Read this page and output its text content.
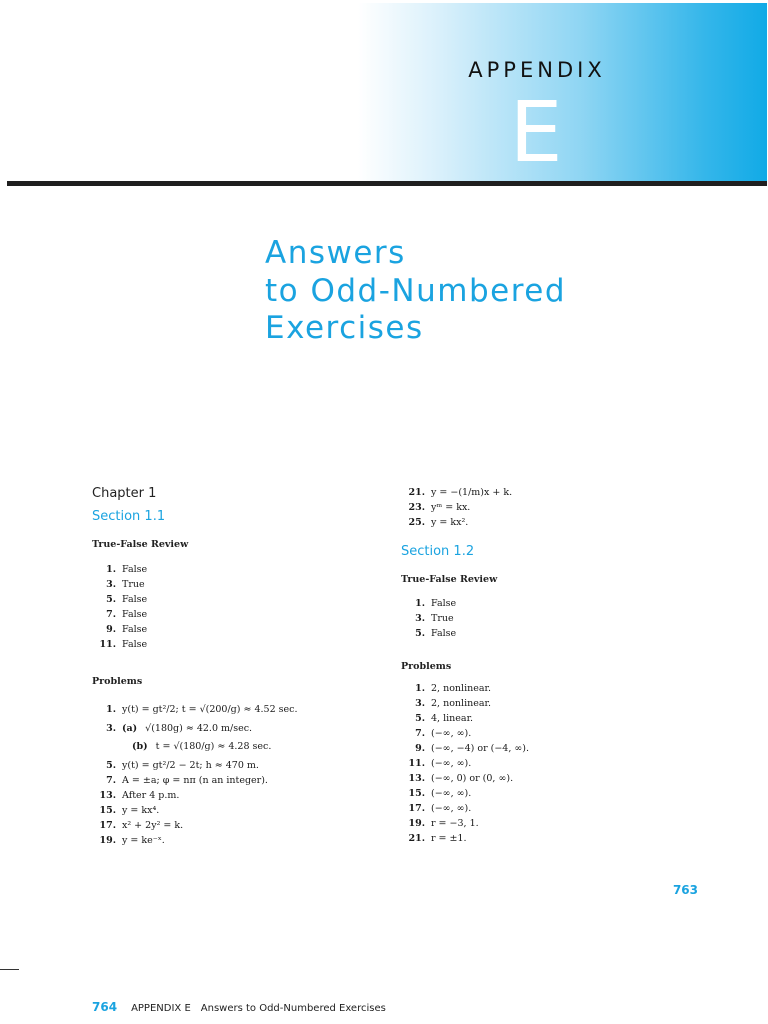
APPENDIX
E
Answers
to Odd-Numbered
Exercises
Chapter 1
Section 1.1
True-False Review
1. False
3. True
5. False
7. False
9. False
11. False
Problems
1. y(t) = gt²/2; t = √(200/g) ≈ 4.52 sec.
3. (a) √(180g) ≈ 42.0 m/sec.
(b) t = √(180/g) ≈ 4.28 sec.
5. y(t) = gt²/2 − 2t; h ≈ 470 m.
7. A = ±a; φ = nπ (n an integer).
13. After 4 p.m.
15. y = kx⁴.
17. x² + 2y² = k.
19. y = ke⁻ˣ.
21. y = −(1/m)x + k.
23. yᵐ = kx.
25. y = kx².
Section 1.2
True-False Review
1. False
3. True
5. False
Problems
1. 2, nonlinear.
3. 2, nonlinear.
5. 4, linear.
7. (−∞, ∞).
9. (−∞, −4) or (−4, ∞).
11. (−∞, ∞).
13. (−∞, 0) or (0, ∞).
15. (−∞, ∞).
17. (−∞, ∞).
19. r = −3, 1.
21. r = ±1.
763
764 APPENDIX E Answers to Odd-Numbered Exercises
